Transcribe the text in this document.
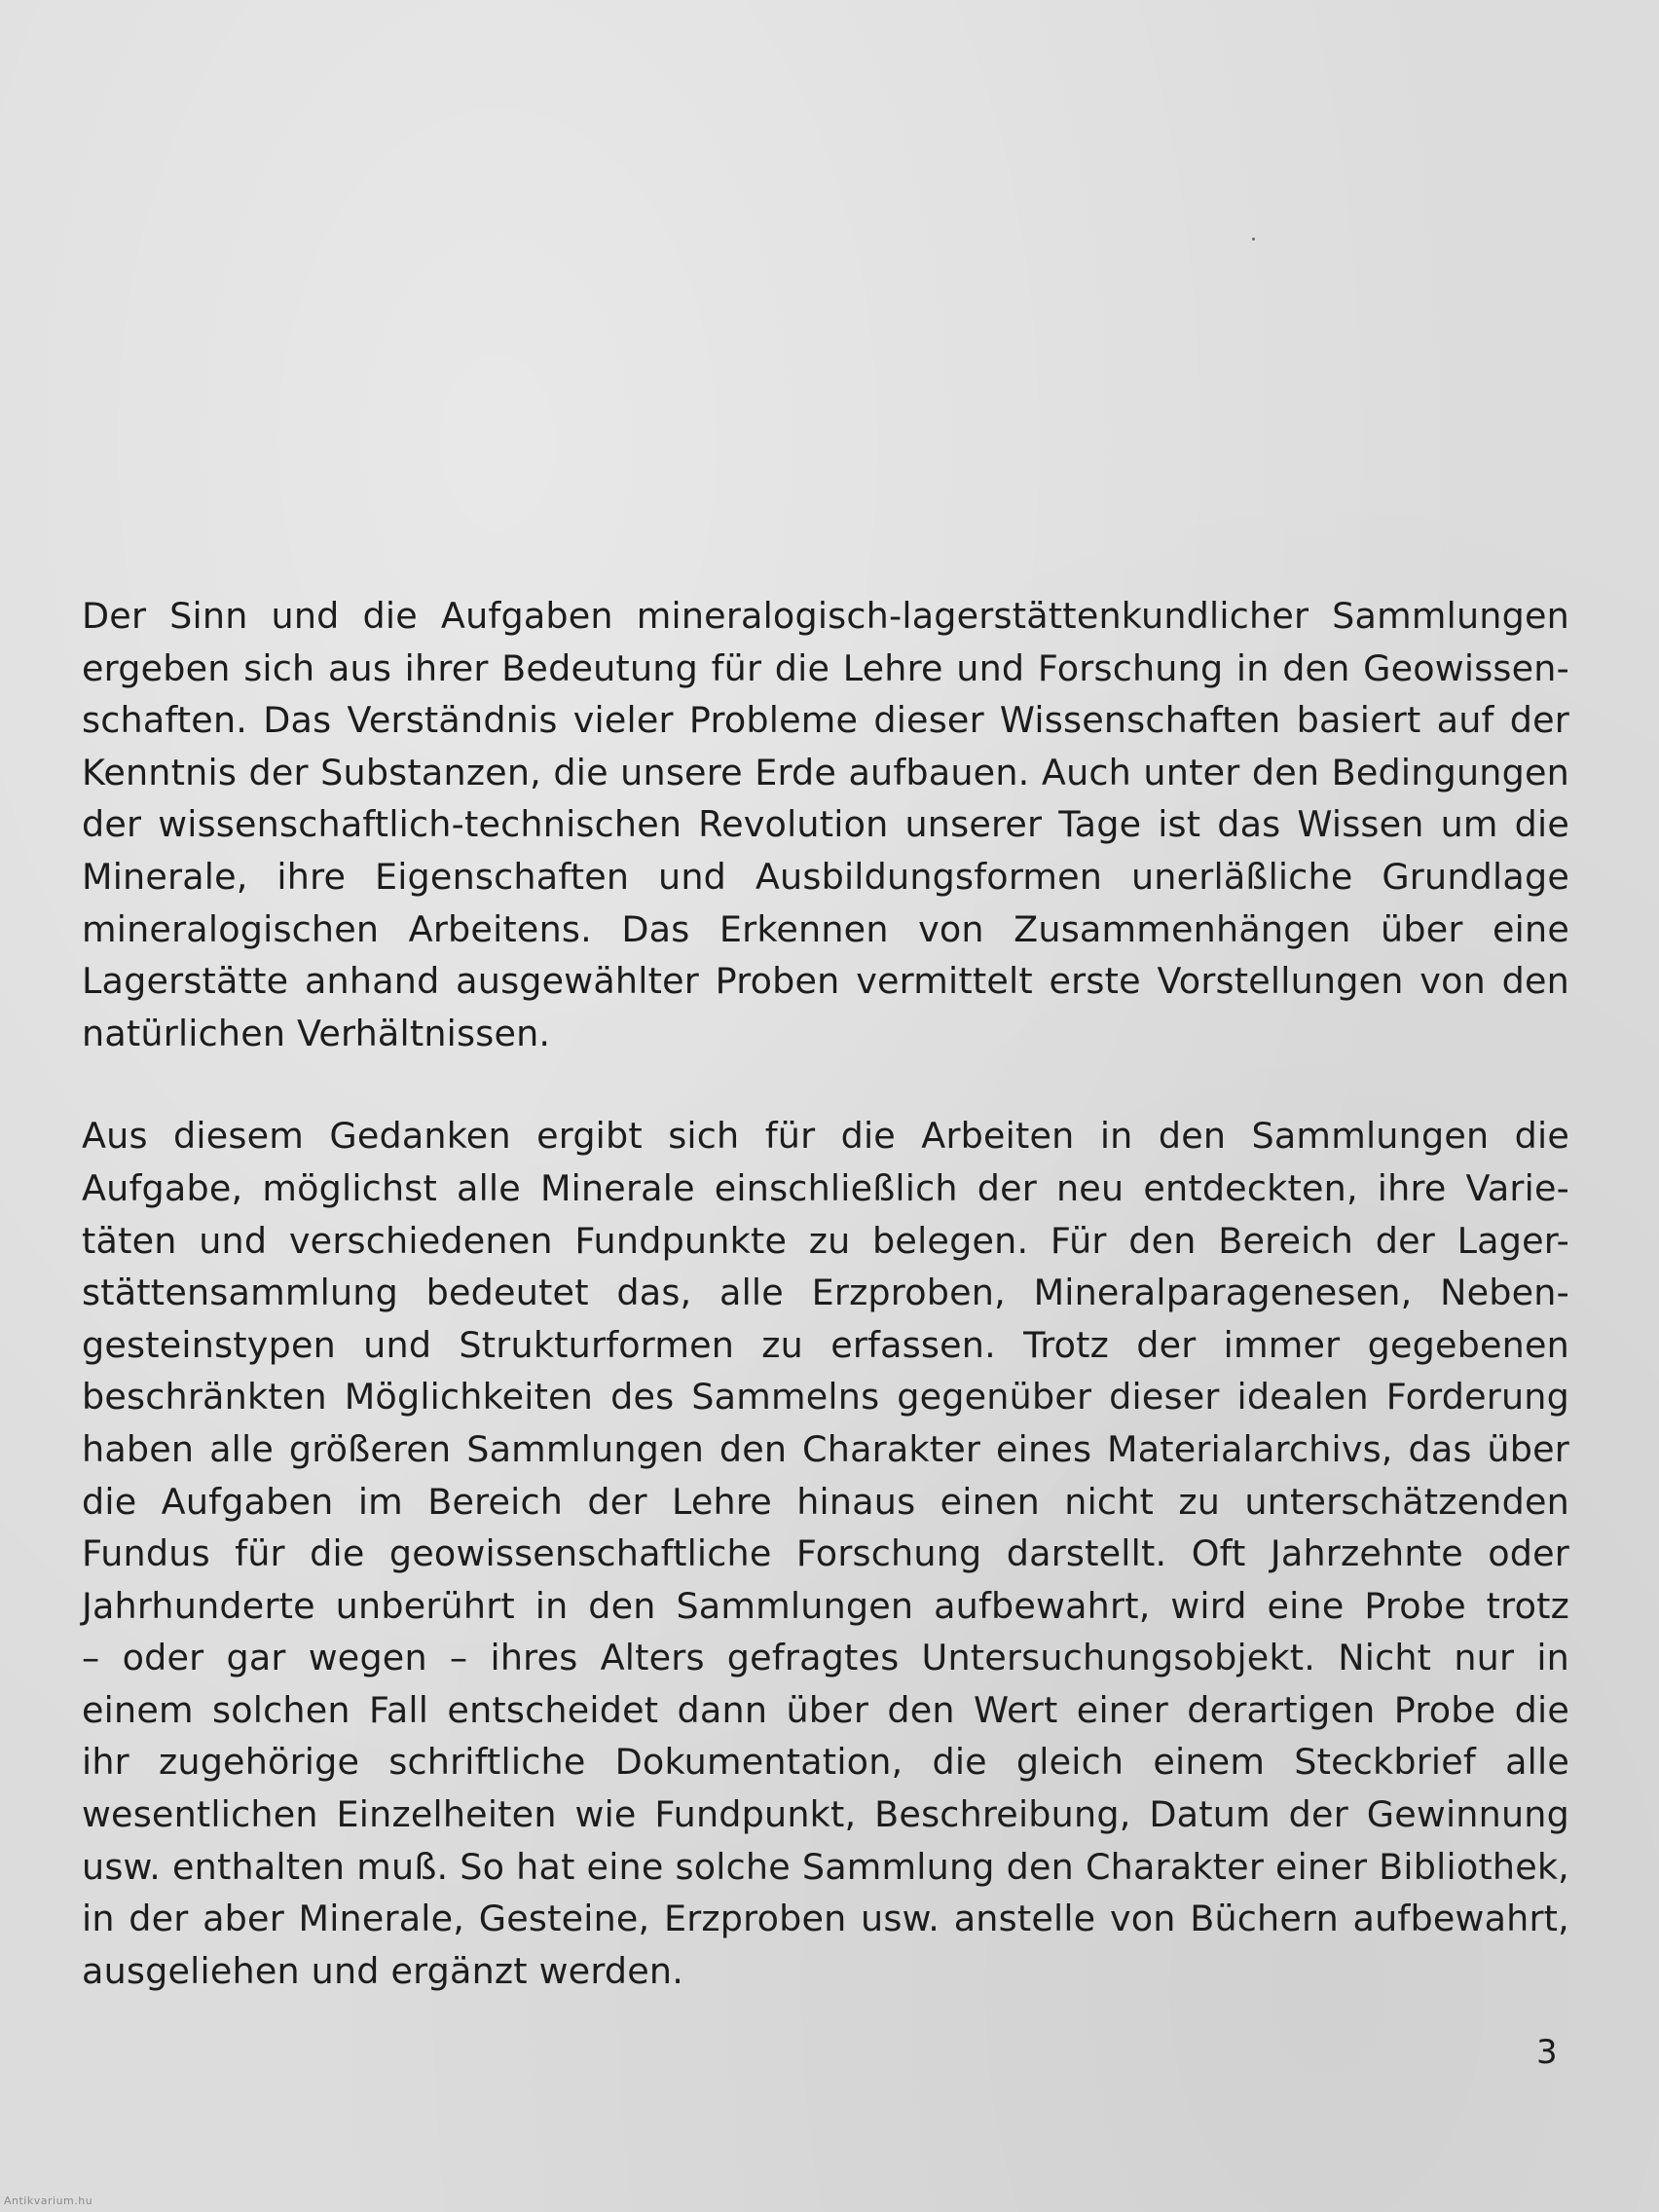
Der Sinn und die Aufgaben mineralogisch-lagerstättenkundlicher Sammlungen
ergeben sich aus ihrer Bedeutung für die Lehre und Forschung in den Geowissen-
schaften. Das Verständnis vieler Probleme dieser Wissenschaften basiert auf der
Kenntnis der Substanzen, die unsere Erde aufbauen. Auch unter den Bedingungen
der wissenschaftlich-technischen Revolution unserer Tage ist das Wissen um die
Minerale, ihre Eigenschaften und Ausbildungsformen unerläßliche Grundlage
mineralogischen Arbeitens. Das Erkennen von Zusammenhängen über eine
Lagerstätte anhand ausgewählter Proben vermittelt erste Vorstellungen von den
natürlichen Verhältnissen.

Aus diesem Gedanken ergibt sich für die Arbeiten in den Sammlungen die
Aufgabe, möglichst alle Minerale einschließlich der neu entdeckten, ihre Varie-
täten und verschiedenen Fundpunkte zu belegen. Für den Bereich der Lager-
stättensammlung bedeutet das, alle Erzproben, Mineralparagenesen, Neben-
gesteinstypen und Strukturformen zu erfassen. Trotz der immer gegebenen
beschränkten Möglichkeiten des Sammelns gegenüber dieser idealen Forderung
haben alle größeren Sammlungen den Charakter eines Materialarchivs, das über
die Aufgaben im Bereich der Lehre hinaus einen nicht zu unterschätzenden
Fundus für die geowissenschaftliche Forschung darstellt. Oft Jahrzehnte oder
Jahrhunderte unberührt in den Sammlungen aufbewahrt, wird eine Probe trotz
– oder gar wegen – ihres Alters gefragtes Untersuchungsobjekt. Nicht nur in
einem solchen Fall entscheidet dann über den Wert einer derartigen Probe die
ihr zugehörige schriftliche Dokumentation, die gleich einem Steckbrief alle
wesentlichen Einzelheiten wie Fundpunkt, Beschreibung, Datum der Gewinnung
usw. enthalten muß. So hat eine solche Sammlung den Charakter einer Bibliothek,
in der aber Minerale, Gesteine, Erzproben usw. anstelle von Büchern aufbewahrt,
ausgeliehen und ergänzt werden.

3
Antikvarium.hu
